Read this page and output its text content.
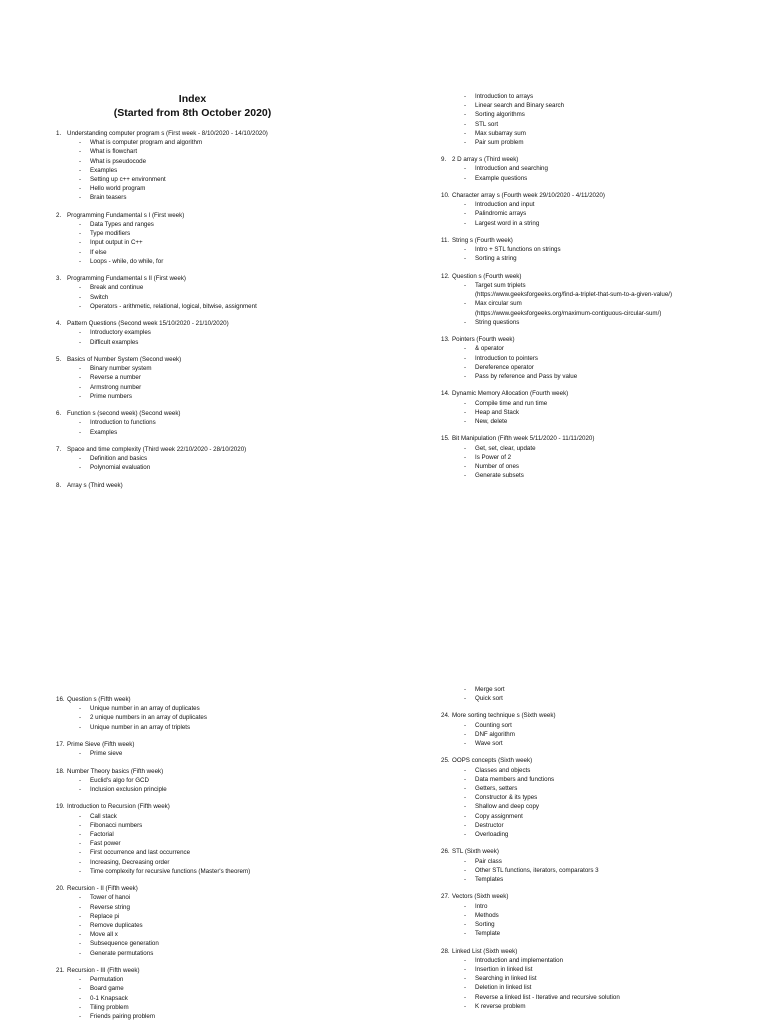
Index
(Started from 8th October 2020)
1. Understanding computer program s (First week - 8/10/2020 - 14/10/2020)
- What is computer program and algorithm
- What is flowchart
- What is pseudocode
- Examples
- Setting up c++ environment
- Hello world program
- Brain teasers
2. Programming Fundamental s I (First week)
- Data Types and ranges
- Type modifiers
- Input output in C++
- If else
- Loops - while, do while, for
3. Programming Fundamental s II (First week)
- Break and continue
- Switch
- Operators - arithmetic, relational, logical, bitwise, assignment
4. Pattern Questions (Second week 15/10/2020 - 21/10/2020)
- Introductory examples
- Difficult examples
5. Basics of Number System (Second week)
- Binary number system
- Reverse a number
- Armstrong number
- Prime numbers
6. Function s (second week) (Second week)
- Introduction to functions
- Examples
7. Space and time complexity (Third week 22/10/2020 - 28/10/2020)
- Definition and basics
- Polynomial evaluation
8. Array s (Third week)
- Introduction to arrays
- Linear search and Binary search
- Sorting algorithms
- STL sort
- Max subarray sum
- Pair sum problem
9. 2 D array s (Third week)
- Introduction and searching
- Example questions
10. Character array s (Fourth week 29/10/2020 - 4/11/2020)
- Introduction and input
- Palindromic arrays
- Largest word in a string
11. String s (Fourth week)
- Intro + STL functions on strings
- Sorting a string
12. Question s (Fourth week)
- Target sum triplets
(https://www.geeksforgeeks.org/find-a-triplet-that-sum-to-a-given-value/)
- Max circular sum
(https://www.geeksforgeeks.org/maximum-contiguous-circular-sum/)
- String questions
13. Pointers (Fourth week)
- & operator
- Introduction to pointers
- Dereference operator
- Pass by reference and Pass by value
14. Dynamic Memory Allocation (Fourth week)
- Compile time and run time
- Heap and Stack
- New, delete
15. Bit Manipulation (Fifth week 5/11/2020 - 11/11/2020)
- Get, set, clear, update
- Is Power of 2
- Number of ones
- Generate subsets
16. Question s (Fifth week)
- Unique number in an array of duplicates
- 2 unique numbers in an array of duplicates
- Unique number in an array of triplets
17. Prime Sieve (Fifth week)
- Prime sieve
18. Number Theory basics (Fifth week)
- Euclid's algo for GCD
- Inclusion exclusion principle
19. Introduction to Recursion (Fifth week)
- Call stack
- Fibonacci numbers
- Factorial
- Fast power
- First occurrence and last occurrence
- Increasing, Decreasing order
- Time complexity for recursive functions (Master's theorem)
20. Recursion - II (Fifth week)
- Tower of hanoi
- Reverse string
- Replace pi
- Remove duplicates
- Move all x
- Subsequence generation
- Generate permutations
21. Recursion - III (Fifth week)
- Permutation
- Board game
- 0-1 Knapsack
- Tiling problem
- Friends pairing problem
- Merge sort
- Quick sort
24. More sorting technique s (Sixth week)
- Counting sort
- DNF algorithm
- Wave sort
25. OOPS concepts (Sixth week)
- Classes and objects
- Data members and functions
- Getters, setters
- Constructor & its types
- Shallow and deep copy
- Copy assignment
- Destructor
- Overloading
26. STL (Sixth week)
- Pair class
- Other STL functions, iterators, comparators 3
- Templates
27. Vectors (Sixth week)
- Intro
- Methods
- Sorting
- Template
28. Linked List (Sixth week)
- Introduction and implementation
- Insertion in linked list
- Searching in linked list
- Deletion in linked list
- Reverse a linked list - Iterative and recursive solution
- K reverse problem
